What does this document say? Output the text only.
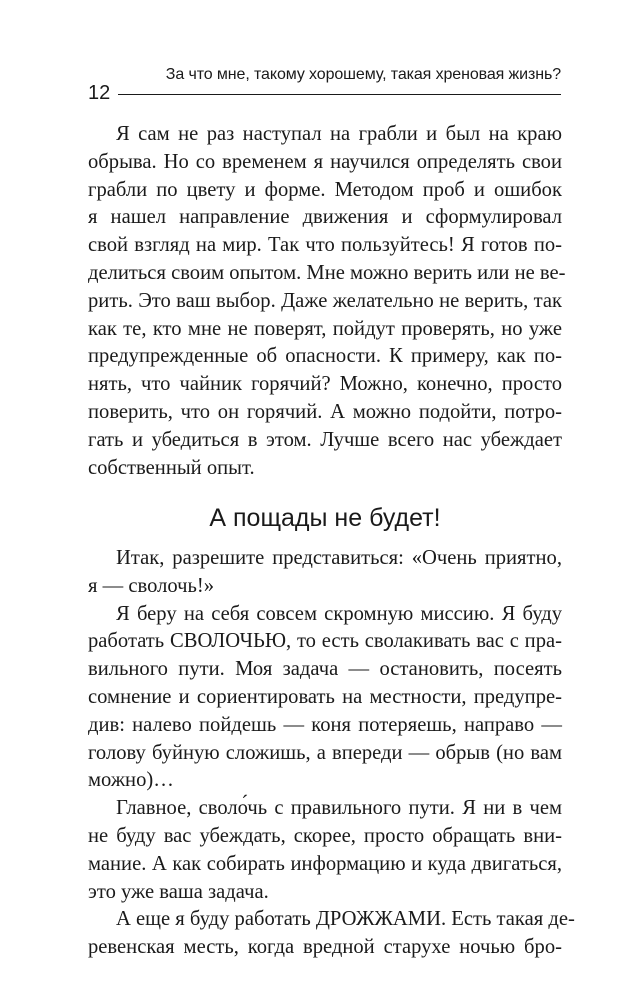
За что мне, такому хорошему, такая хреновая жизнь?
12
Я сам не раз наступал на грабли и был на краю
обрыва. Но со временем я научился определять свои
грабли по цвету и форме. Методом проб и ошибок
я нашел направление движения и сформулировал
свой взгляд на мир. Так что пользуйтесь! Я готов по-
делиться своим опытом. Мне можно верить или не ве-
рить. Это ваш выбор. Даже желательно не верить, так
как те, кто мне не поверят, пойдут проверять, но уже
предупрежденные об опасности. К примеру, как по-
нять, что чайник горячий? Можно, конечно, просто
поверить, что он горячий. А можно подойти, потро-
гать и убедиться в этом. Лучше всего нас убеждает
собственный опыт.
А пощады не будет!
Итак, разрешите представиться: «Очень приятно,
я — сволочь!»
Я беру на себя совсем скромную миссию. Я буду
работать СВОЛОЧЬЮ, то есть сволакивать вас с пра-
вильного пути. Моя задача — остановить, посеять
сомнение и сориентировать на местности, предупре-
див: налево пойдешь — коня потеряешь, направо —
голову буйную сложишь, а впереди — обрыв (но вам
можно)…
Главное, своло́чь с правильного пути. Я ни в чем
не буду вас убеждать, скорее, просто обращать вни-
мание. А как собирать информацию и куда двигаться,
это уже ваша задача.
А еще я буду работать ДРОЖЖАМИ. Есть такая де-
ревенская месть, когда вредной старухе ночью бро-
